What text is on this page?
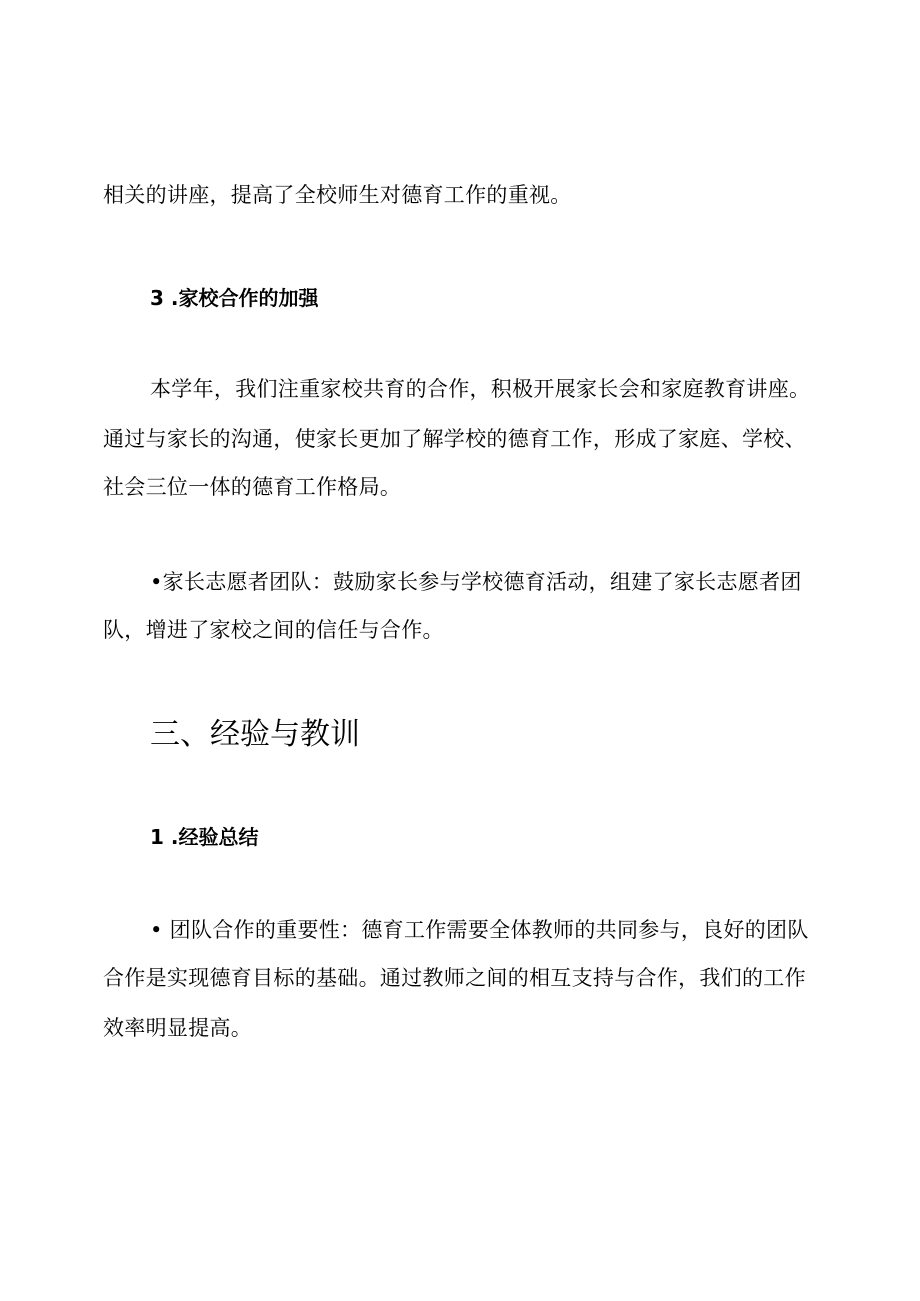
相关的讲座，提高了全校师生对德育工作的重视。
3 .家校合作的加强
本学年，我们注重家校共育的合作，积极开展家长会和家庭教育讲座。
通过与家长的沟通，使家长更加了解学校的德育工作，形成了家庭、学校、
社会三位一体的德育工作格局。
•家长志愿者团队：鼓励家长参与学校德育活动，组建了家长志愿者团
队，增进了家校之间的信任与合作。
三、经验与教训
1 .经验总结
• 团队合作的重要性：德育工作需要全体教师的共同参与，良好的团队
合作是实现德育目标的基础。通过教师之间的相互支持与合作，我们的工作
效率明显提高。
